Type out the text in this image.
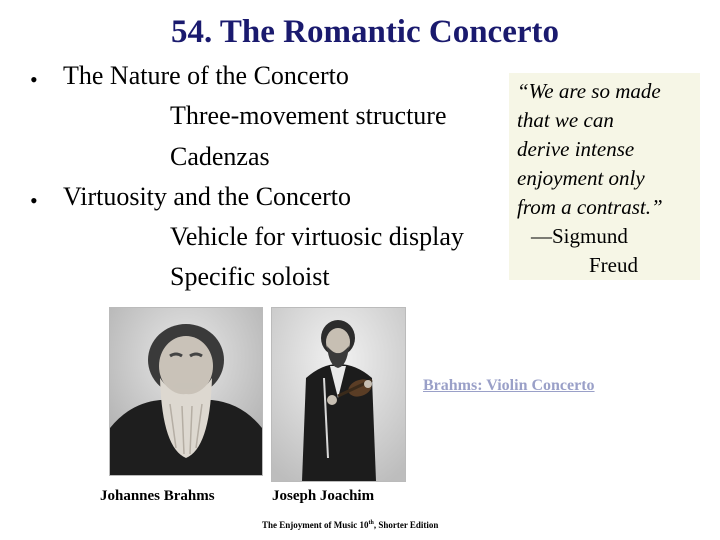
54. The Romantic Concerto
• The Nature of the Concerto
Three-movement structure
Cadenzas
• Virtuosity and the Concerto
Vehicle for virtuosic display
Specific soloist
“We are so made
that we can
derive intense
enjoyment only
from a contrast.”
—Sigmund
Freud
Johannes Brahms	Joseph Joachim
Brahms: Violin Concerto
The Enjoyment of Music 10th, Shorter Edition
